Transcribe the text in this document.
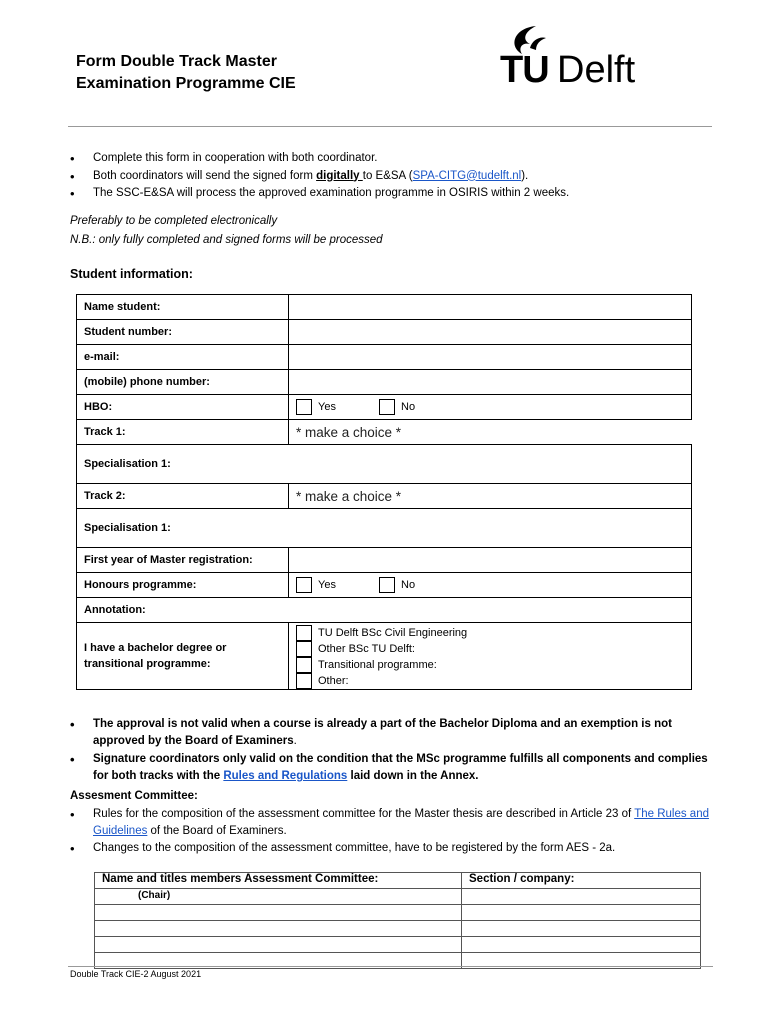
Form Double Track Master
Examination Programme CIE	TU Delft
• Complete this form in cooperation with both coordinator.
• Both coordinators will send the signed form digitally to E&SA (SPA-CITG@tudelft.nl).
• The SSC-E&SA will process the approved examination programme in OSIRIS within 2 weeks.
Preferably to be completed electronically
N.B.: only fully completed and signed forms will be processed
Student information:
Name student:	
Student number:	
e-mail:	
(mobile) phone number:	
HBO:	Yes No
Track 1:	* make a choice *
Specialisation 1:	
Track 2:	* make a choice *
Specialisation 1:	
First year of Master registration:	
Honours programme:	Yes No
Annotation:	
I have a bachelor degree or transitional programme:	TU Delft BSc Civil Engineering
Other BSc TU Delft:
Transitional programme:
Other:
• The approval is not valid when a course is already a part of the Bachelor Diploma and an exemption is not approved by the Board of Examiners.
• Signature coordinators only valid on the condition that the MSc programme fulfills all components and complies for both tracks with the Rules and Regulations laid down in the Annex.
Assesment Committee:
• Rules for the composition of the assessment committee for the Master thesis are described in Article 23 of The Rules and Guidelines of the Board of Examiners.
• Changes to the composition of the assessment committee, have to be registered by the form AES - 2a.
Name and titles members Assessment Committee:	Section / company:
(Chair)	

Double Track CIE-2 August 2021
